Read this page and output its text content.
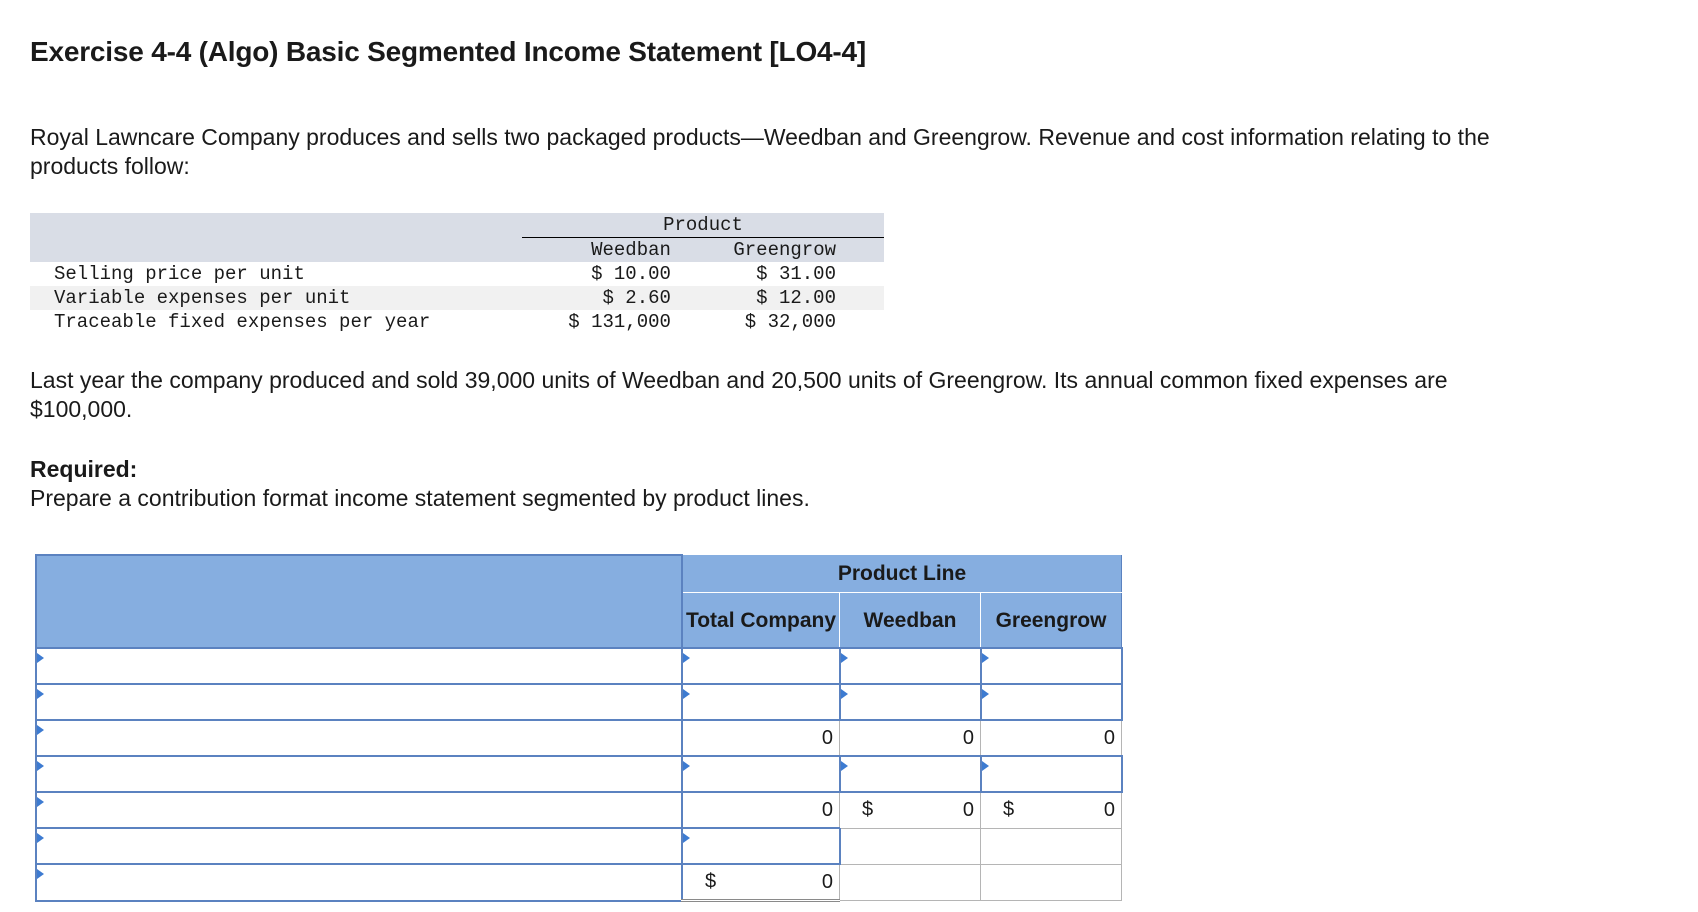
Exercise 4-4 (Algo) Basic Segmented Income Statement [LO4-4]

Royal Lawncare Company produces and sells two packaged products—Weedban and Greengrow. Revenue and cost information relating to the products follow:

	Product	
	Weedban	Greengrow
Selling price per unit	$ 10.00	$ 31.00
Variable expenses per unit	$ 2.60	$ 12.00
Traceable fixed expenses per year	$ 131,000	$ 32,000

Last year the company produced and sold 39,000 units of Weedban and 20,500 units of Greengrow. Its annual common fixed expenses are $100,000.

Required:

Prepare a contribution format income statement segmented by product lines.

	Product Line		
	Total Company	Weedban	Greengrow

	0	0	0

	0	$ 0	$ 0

	$ 0		
